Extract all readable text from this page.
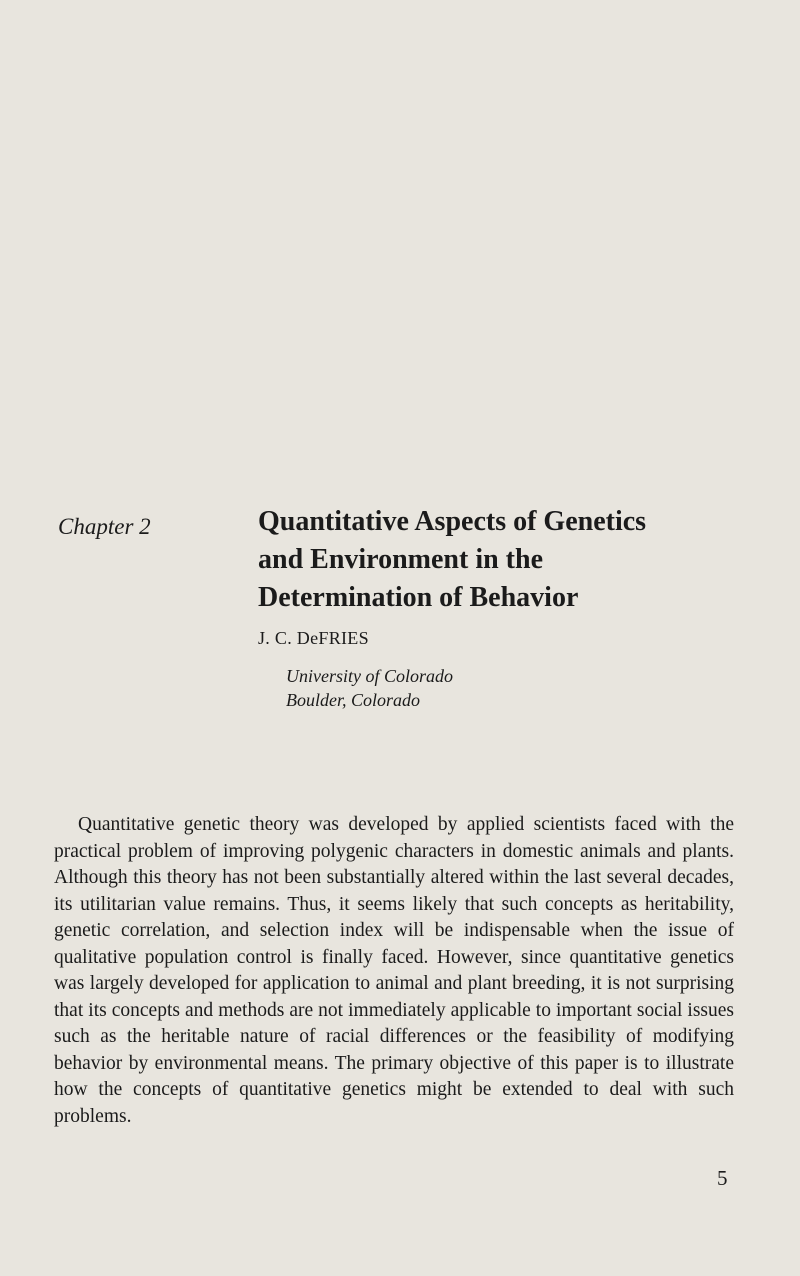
Chapter 2	Quantitative Aspects of Genetics
and Environment in the
Determination of Behavior
J. C. DeFRIES
University of Colorado
Boulder, Colorado

Quantitative genetic theory was developed by applied scientists faced with the practical problem of improving polygenic characters in domestic animals and plants. Although this theory has not been substantially altered within the last several decades, its utilitarian value remains. Thus, it seems likely that such concepts as heritability, genetic correlation, and selection index will be indispensable when the issue of qualitative population control is finally faced. However, since quantitative genetics was largely developed for application to animal and plant breeding, it is not surprising that its concepts and methods are not immediately applicable to important social issues such as the heritable nature of racial differences or the feasibility of modifying behavior by environmental means. The primary objective of this paper is to illustrate how the concepts of quantitative genetics might be extended to deal with such problems.

5
